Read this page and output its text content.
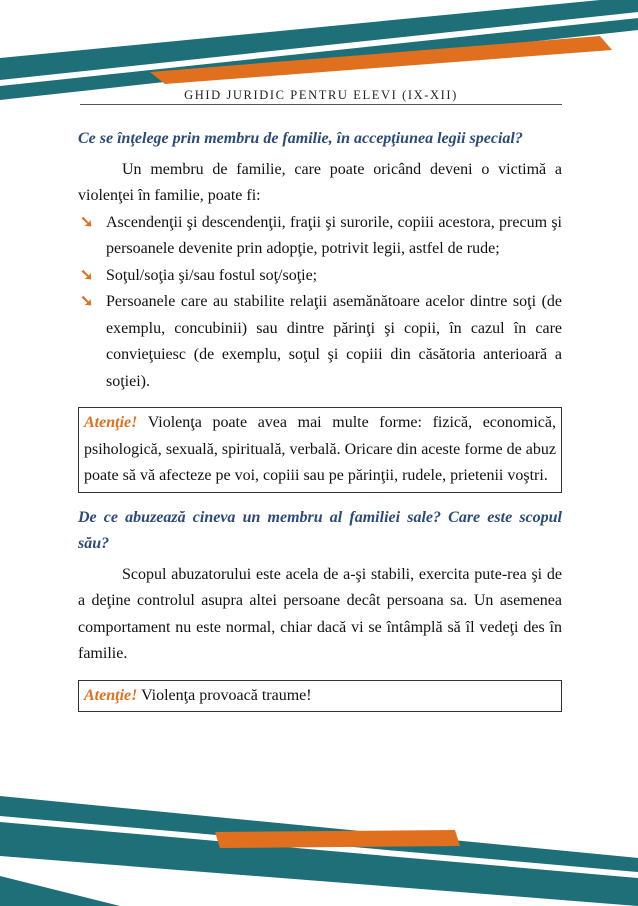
GHID JURIDIC PENTRU ELEVI (IX-XII)

Ce se înţelege prin membru de familie, în accepţiunea legii special?

Un membru de familie, care poate oricând deveni o victimă a violenţei în familie, poate fi:

➘ Ascendenţii şi descendenţii, fraţii şi surorile, copiii acestora, precum şi persoanele devenite prin adopţie, potrivit legii, astfel de rude;
➘ Soţul/soţia şi/sau fostul soţ/soţie;
➘ Persoanele care au stabilite relaţii asemănătoare acelor dintre soţi (de exemplu, concubinii) sau dintre părinţi şi copii, în cazul în care convieţuiesc (de exemplu, soţul şi copiii din căsătoria anterioară a soţiei).
Atenţie! Violenţa poate avea mai multe forme: fizică, economică, psihologică, sexuală, spirituală, verbală. Oricare din aceste forme de abuz poate să vă afecteze pe voi, copiii sau pe părinţii, rudele, prietenii voştri.

De ce abuzează cineva un membru al familiei sale? Care este scopul său?

Scopul abuzatorului este acela de a-şi stabili, exercita pute-rea şi de a deţine controlul asupra altei persoane decât persoana sa. Un asemenea comportament nu este normal, chiar dacă vi se întâmplă să îl vedeţi des în familie.

Atenţie! Violenţa provoacă traume!
